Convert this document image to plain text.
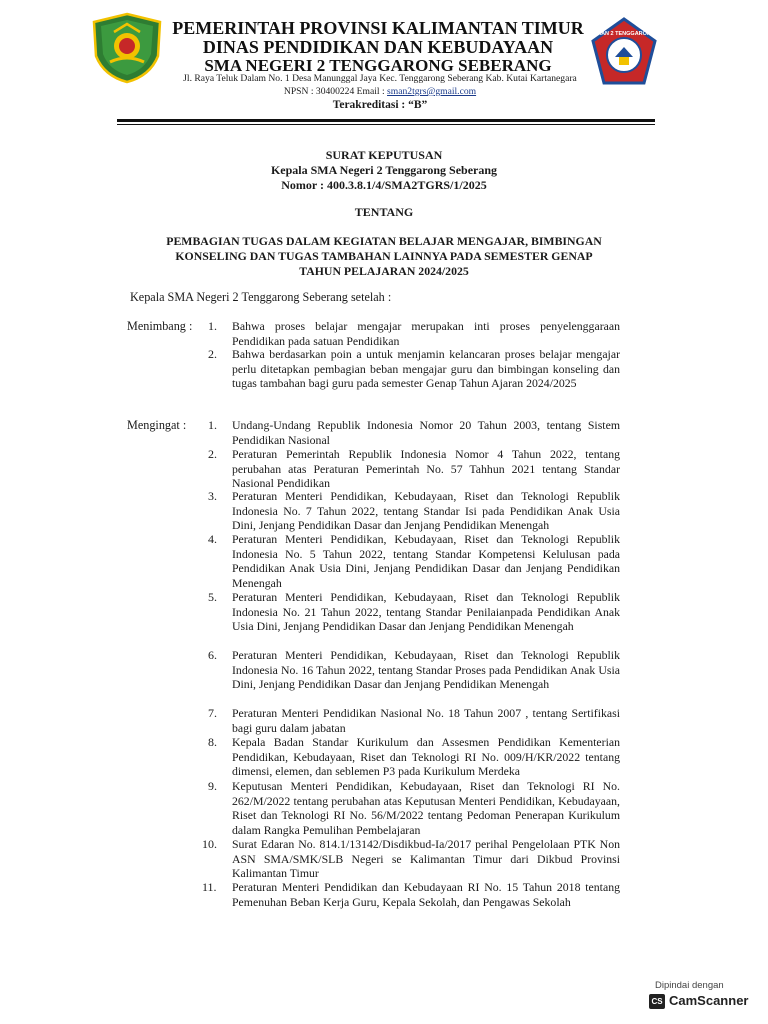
SMAN 2 TENGGARONG
PEMERINTAH PROVINSI KALIMANTAN TIMUR
DINAS PENDIDIKAN DAN KEBUDAYAAN
SMA NEGERI 2 TENGGARONG SEBERANG
Jl. Raya Teluk Dalam No. 1 Desa Manunggal Jaya Kec. Tenggarong Seberang Kab. Kutai Kartanegara
NPSN : 30400224 Email : sman2tgrs@gmail.com
Terakreditasi : “B”
SURAT KEPUTUSAN
Kepala SMA Negeri 2 Tenggarong Seberang
Nomor : 400.3.8.1/4/SMA2TGRS/1/2025
TENTANG
PEMBAGIAN TUGAS DALAM KEGIATAN BELAJAR MENGAJAR, BIMBINGAN
KONSELING DAN TUGAS TAMBAHAN LAINNYA PADA SEMESTER GENAP
TAHUN PELAJARAN 2024/2025
Kepala SMA Negeri 2 Tenggarong Seberang setelah :
Menimbang : 1. Bahwa proses belajar mengajar merupakan inti proses penyelenggaraan Pendidikan pada satuan Pendidikan
2. Bahwa berdasarkan poin a untuk menjamin kelancaran proses belajar mengajar perlu ditetapkan pembagian beban mengajar guru dan bimbingan konseling dan tugas tambahan bagi guru pada semester Genap Tahun Ajaran 2024/2025
Mengingat : 1. Undang-Undang Republik Indonesia Nomor 20 Tahun 2003, tentang Sistem Pendidikan Nasional
2. Peraturan Pemerintah Republik Indonesia Nomor 4 Tahun 2022, tentang perubahan atas Peraturan Pemerintah No. 57 Tahhun 2021 tentang Standar Nasional Pendidikan
3. Peraturan Menteri Pendidikan, Kebudayaan, Riset dan Teknologi Republik Indonesia No. 7 Tahun 2022, tentang Standar Isi pada Pendidikan Anak Usia Dini, Jenjang Pendidikan Dasar dan Jenjang Pendidikan Menengah
4. Peraturan Menteri Pendidikan, Kebudayaan, Riset dan Teknologi Republik Indonesia No. 5 Tahun 2022, tentang Standar Kompetensi Kelulusan pada Pendidikan Anak Usia Dini, Jenjang Pendidikan Dasar dan Jenjang Pendidikan Menengah
5. Peraturan Menteri Pendidikan, Kebudayaan, Riset dan Teknologi Republik Indonesia No. 21 Tahun 2022, tentang Standar Penilaianpada Pendidikan Anak Usia Dini, Jenjang Pendidikan Dasar dan Jenjang Pendidikan Menengah
6. Peraturan Menteri Pendidikan, Kebudayaan, Riset dan Teknologi Republik Indonesia No. 16 Tahun 2022, tentang Standar Proses pada Pendidikan Anak Usia Dini, Jenjang Pendidikan Dasar dan Jenjang Pendidikan Menengah
7. Peraturan Menteri Pendidikan Nasional No. 18 Tahun 2007 , tentang Sertifikasi bagi guru dalam jabatan
8. Kepala Badan Standar Kurikulum dan Assesmen Pendidikan Kementerian Pendidikan, Kebudayaan, Riset dan Teknologi RI No. 009/H/KR/2022 tentang dimensi, elemen, dan seblemen P3 pada Kurikulum Merdeka
9. Keputusan Menteri Pendidikan, Kebudayaan, Riset dan Teknologi RI No. 262/M/2022 tentang perubahan atas Keputusan Menteri Pendidikan, Kebudayaan, Riset dan Teknologi RI No. 56/M/2022 tentang Pedoman Penerapan Kurikulum dalam Rangka Pemulihan Pembelajaran
10. Surat Edaran No. 814.1/13142/Disdikbud-Ia/2017 perihal Pengelolaan PTK Non ASN SMA/SMK/SLB Negeri se Kalimantan Timur dari Dikbud Provinsi Kalimantan Timur
11. Peraturan Menteri Pendidikan dan Kebudayaan RI No. 15 Tahun 2018 tentang Pemenuhan Beban Kerja Guru, Kepala Sekolah, dan Pengawas Sekolah
Dipindai dengan
CS CamScanner
